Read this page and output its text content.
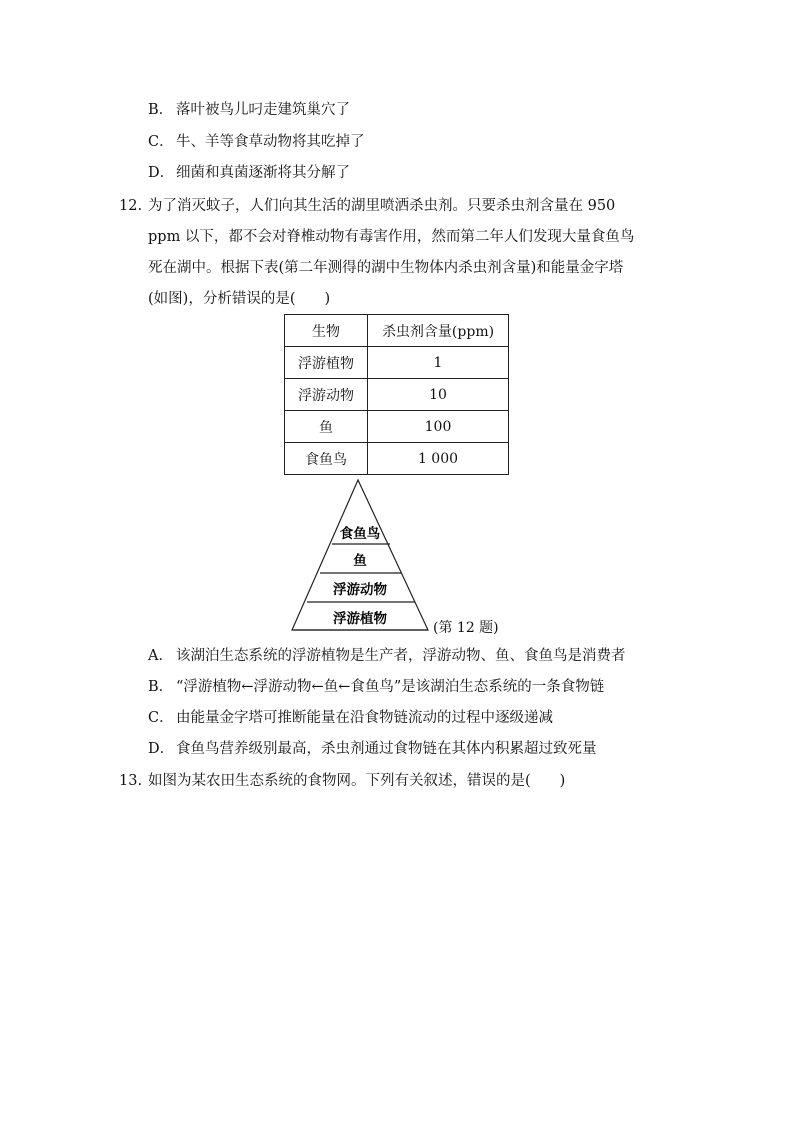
B． 落叶被鸟儿叼走建筑巢穴了
C． 牛、羊等食草动物将其吃掉了
D． 细菌和真菌逐渐将其分解了
12. 为了消灭蚊子，人们向其生活的湖里喷洒杀虫剂。只要杀虫剂含量在 950
ppm 以下，都不会对脊椎动物有毒害作用，然而第二年人们发现大量食鱼鸟
死在湖中。根据下表(第二年测得的湖中生物体内杀虫剂含量)和能量金字塔
(如图)，分析错误的是(　　)
生物	杀虫剂含量(ppm)
浮游植物	1
浮游动物	10
鱼	100
食鱼鸟	1 000
食鱼鸟
鱼
浮游动物
浮游植物
(第 12 题)
A． 该湖泊生态系统的浮游植物是生产者，浮游动物、鱼、食鱼鸟是消费者
B． “浮游植物←浮游动物←鱼←食鱼鸟”是该湖泊生态系统的一条食物链
C． 由能量金字塔可推断能量在沿食物链流动的过程中逐级递减
D． 食鱼鸟营养级别最高，杀虫剂通过食物链在其体内积累超过致死量
13. 如图为某农田生态系统的食物网。下列有关叙述，错误的是(　　)
